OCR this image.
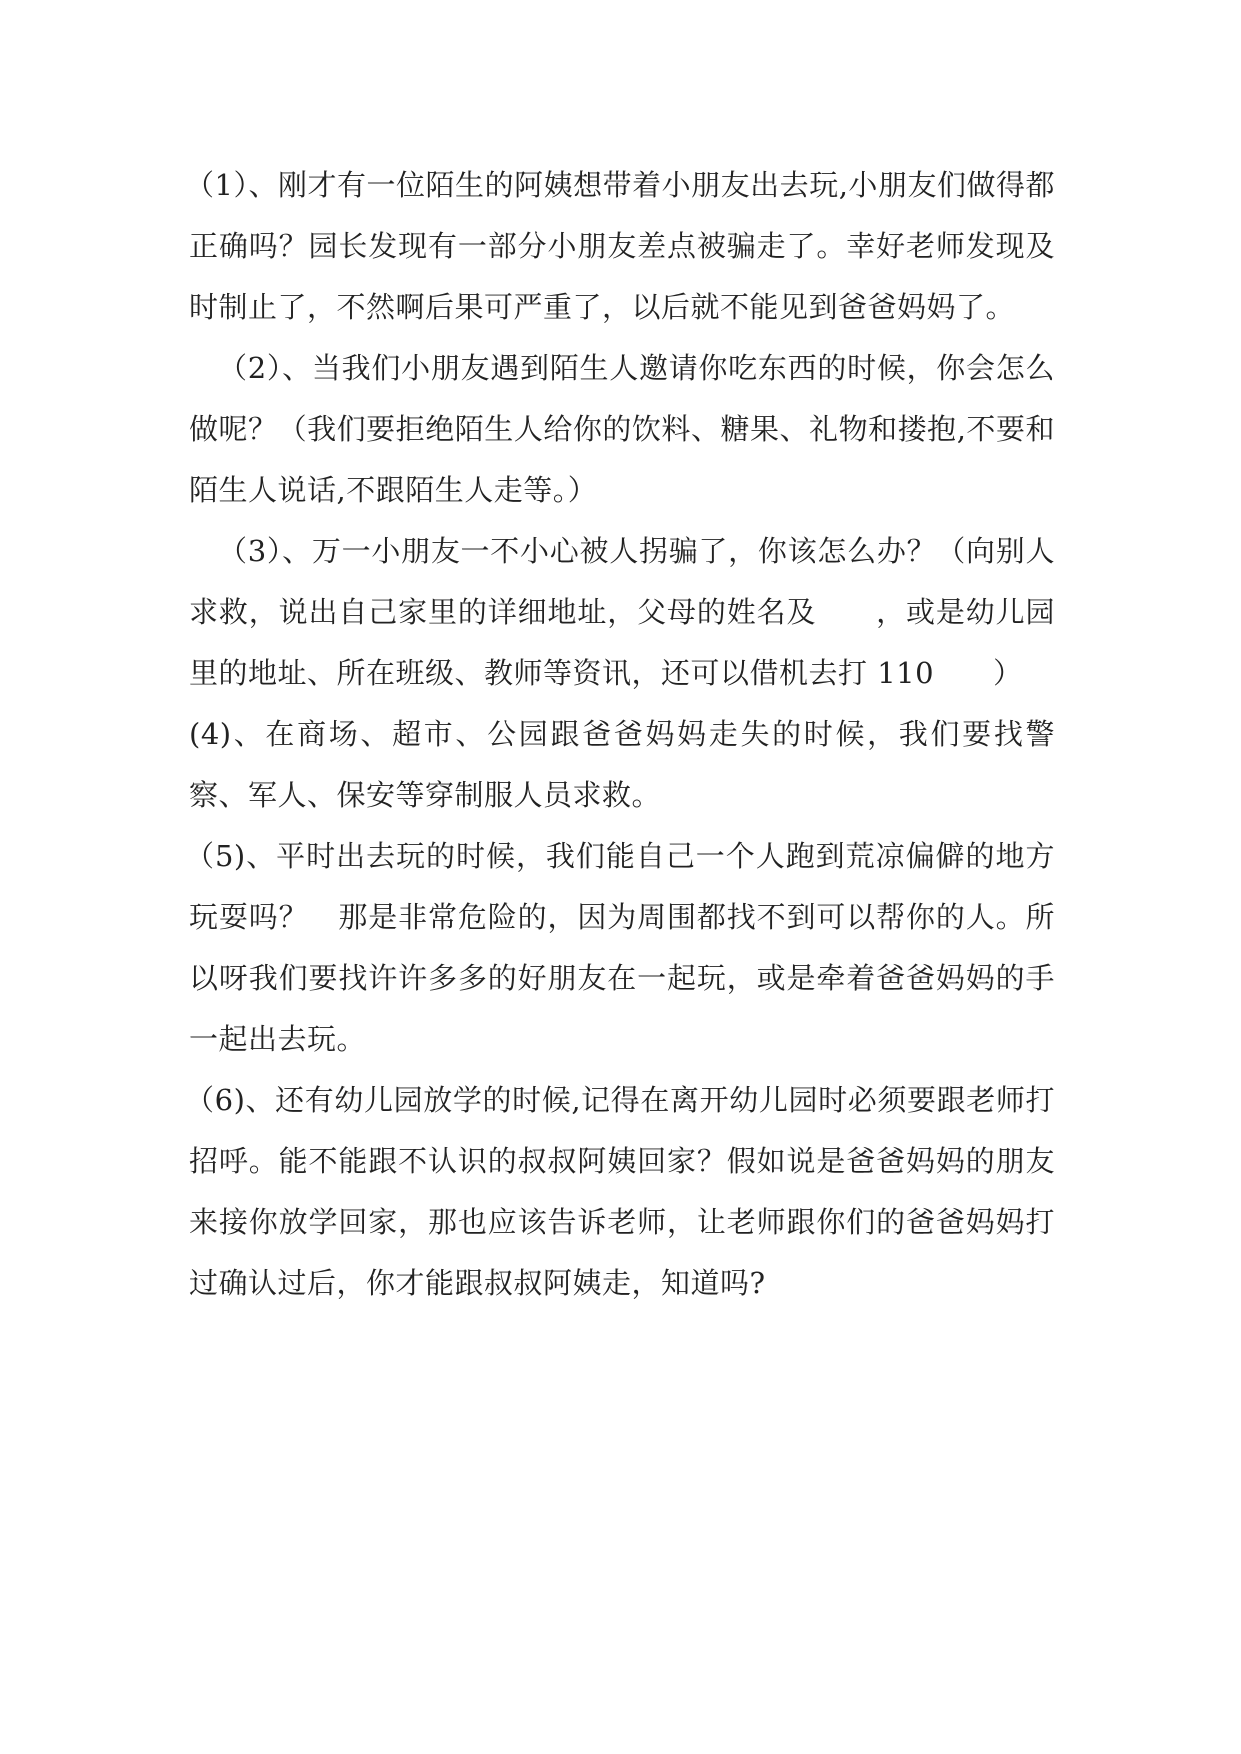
（1）、刚才有一位陌生的阿姨想带着小朋友出去玩,小朋友们做得都正确吗？园长发现有一部分小朋友差点被骗走了。幸好老师发现及时制止了，不然啊后果可严重了，以后就不能见到爸爸妈妈了。

（2）、当我们小朋友遇到陌生人邀请你吃东西的时候，你会怎么做呢？（我们要拒绝陌生人给你的饮料、糖果、礼物和搂抱,不要和陌生人说话,不跟陌生人走等。）

（3）、万一小朋友一不小心被人拐骗了，你该怎么办？（向别人求救，说出自己家里的详细地址，父母的姓名及　　，或是幼儿园里的地址、所在班级、教师等资讯，还可以借机去打 110　　）

(4)、在商场、超市、公园跟爸爸妈妈走失的时候，我们要找警察、军人、保安等穿制服人员求救。

（5)、平时出去玩的时候，我们能自己一个人跑到荒凉偏僻的地方玩耍吗？　那是非常危险的，因为周围都找不到可以帮你的人。所以呀我们要找许许多多的好朋友在一起玩，或是牵着爸爸妈妈的手一起出去玩。

（6)、还有幼儿园放学的时候,记得在离开幼儿园时必须要跟老师打招呼。能不能跟不认识的叔叔阿姨回家？假如说是爸爸妈妈的朋友来接你放学回家，那也应该告诉老师，让老师跟你们的爸爸妈妈打过确认过后，你才能跟叔叔阿姨走，知道吗?
